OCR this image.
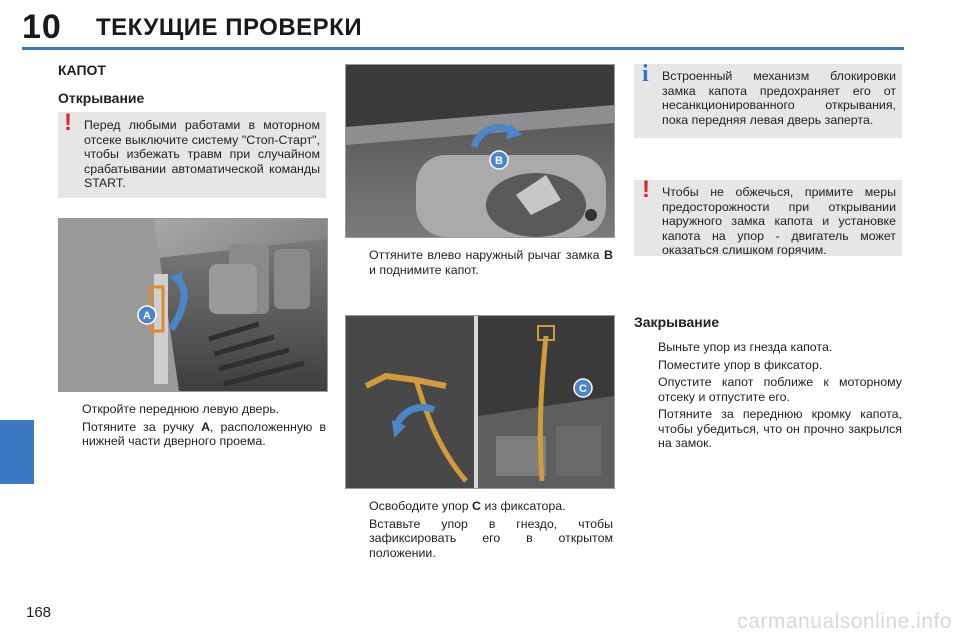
10 ТЕКУЩИЕ ПРОВЕРКИ
КАПОТ
Открывание
! Перед любыми работами в моторном отсеке выключите систему "Стоп-Старт", чтобы избежать травм при случайном срабатывании автоматической команды START.
A
Откройте переднюю левую дверь.
Потяните за ручку A, расположенную в нижней части дверного проема.
B
Оттяните влево наружный рычаг замка B и поднимите капот.
C
Освободите упор C из фиксатора.
Вставьте упор в гнездо, чтобы зафиксировать его в открытом положении.
i Встроенный механизм блокировки замка капота предохраняет его от несанкционированного открывания, пока передняя левая дверь заперта.
! Чтобы не обжечься, примите меры предосторожности при открывании наружного замка капота и установке капота на упор - двигатель может оказаться слишком горячим.
Закрывание
Выньте упор из гнезда капота.
Поместите упор в фиксатор.
Опустите капот поближе к моторному отсеку и отпустите его.
Потяните за переднюю кромку капота, чтобы убедиться, что он прочно закрылся на замок.
168	carmanualsonline.info
